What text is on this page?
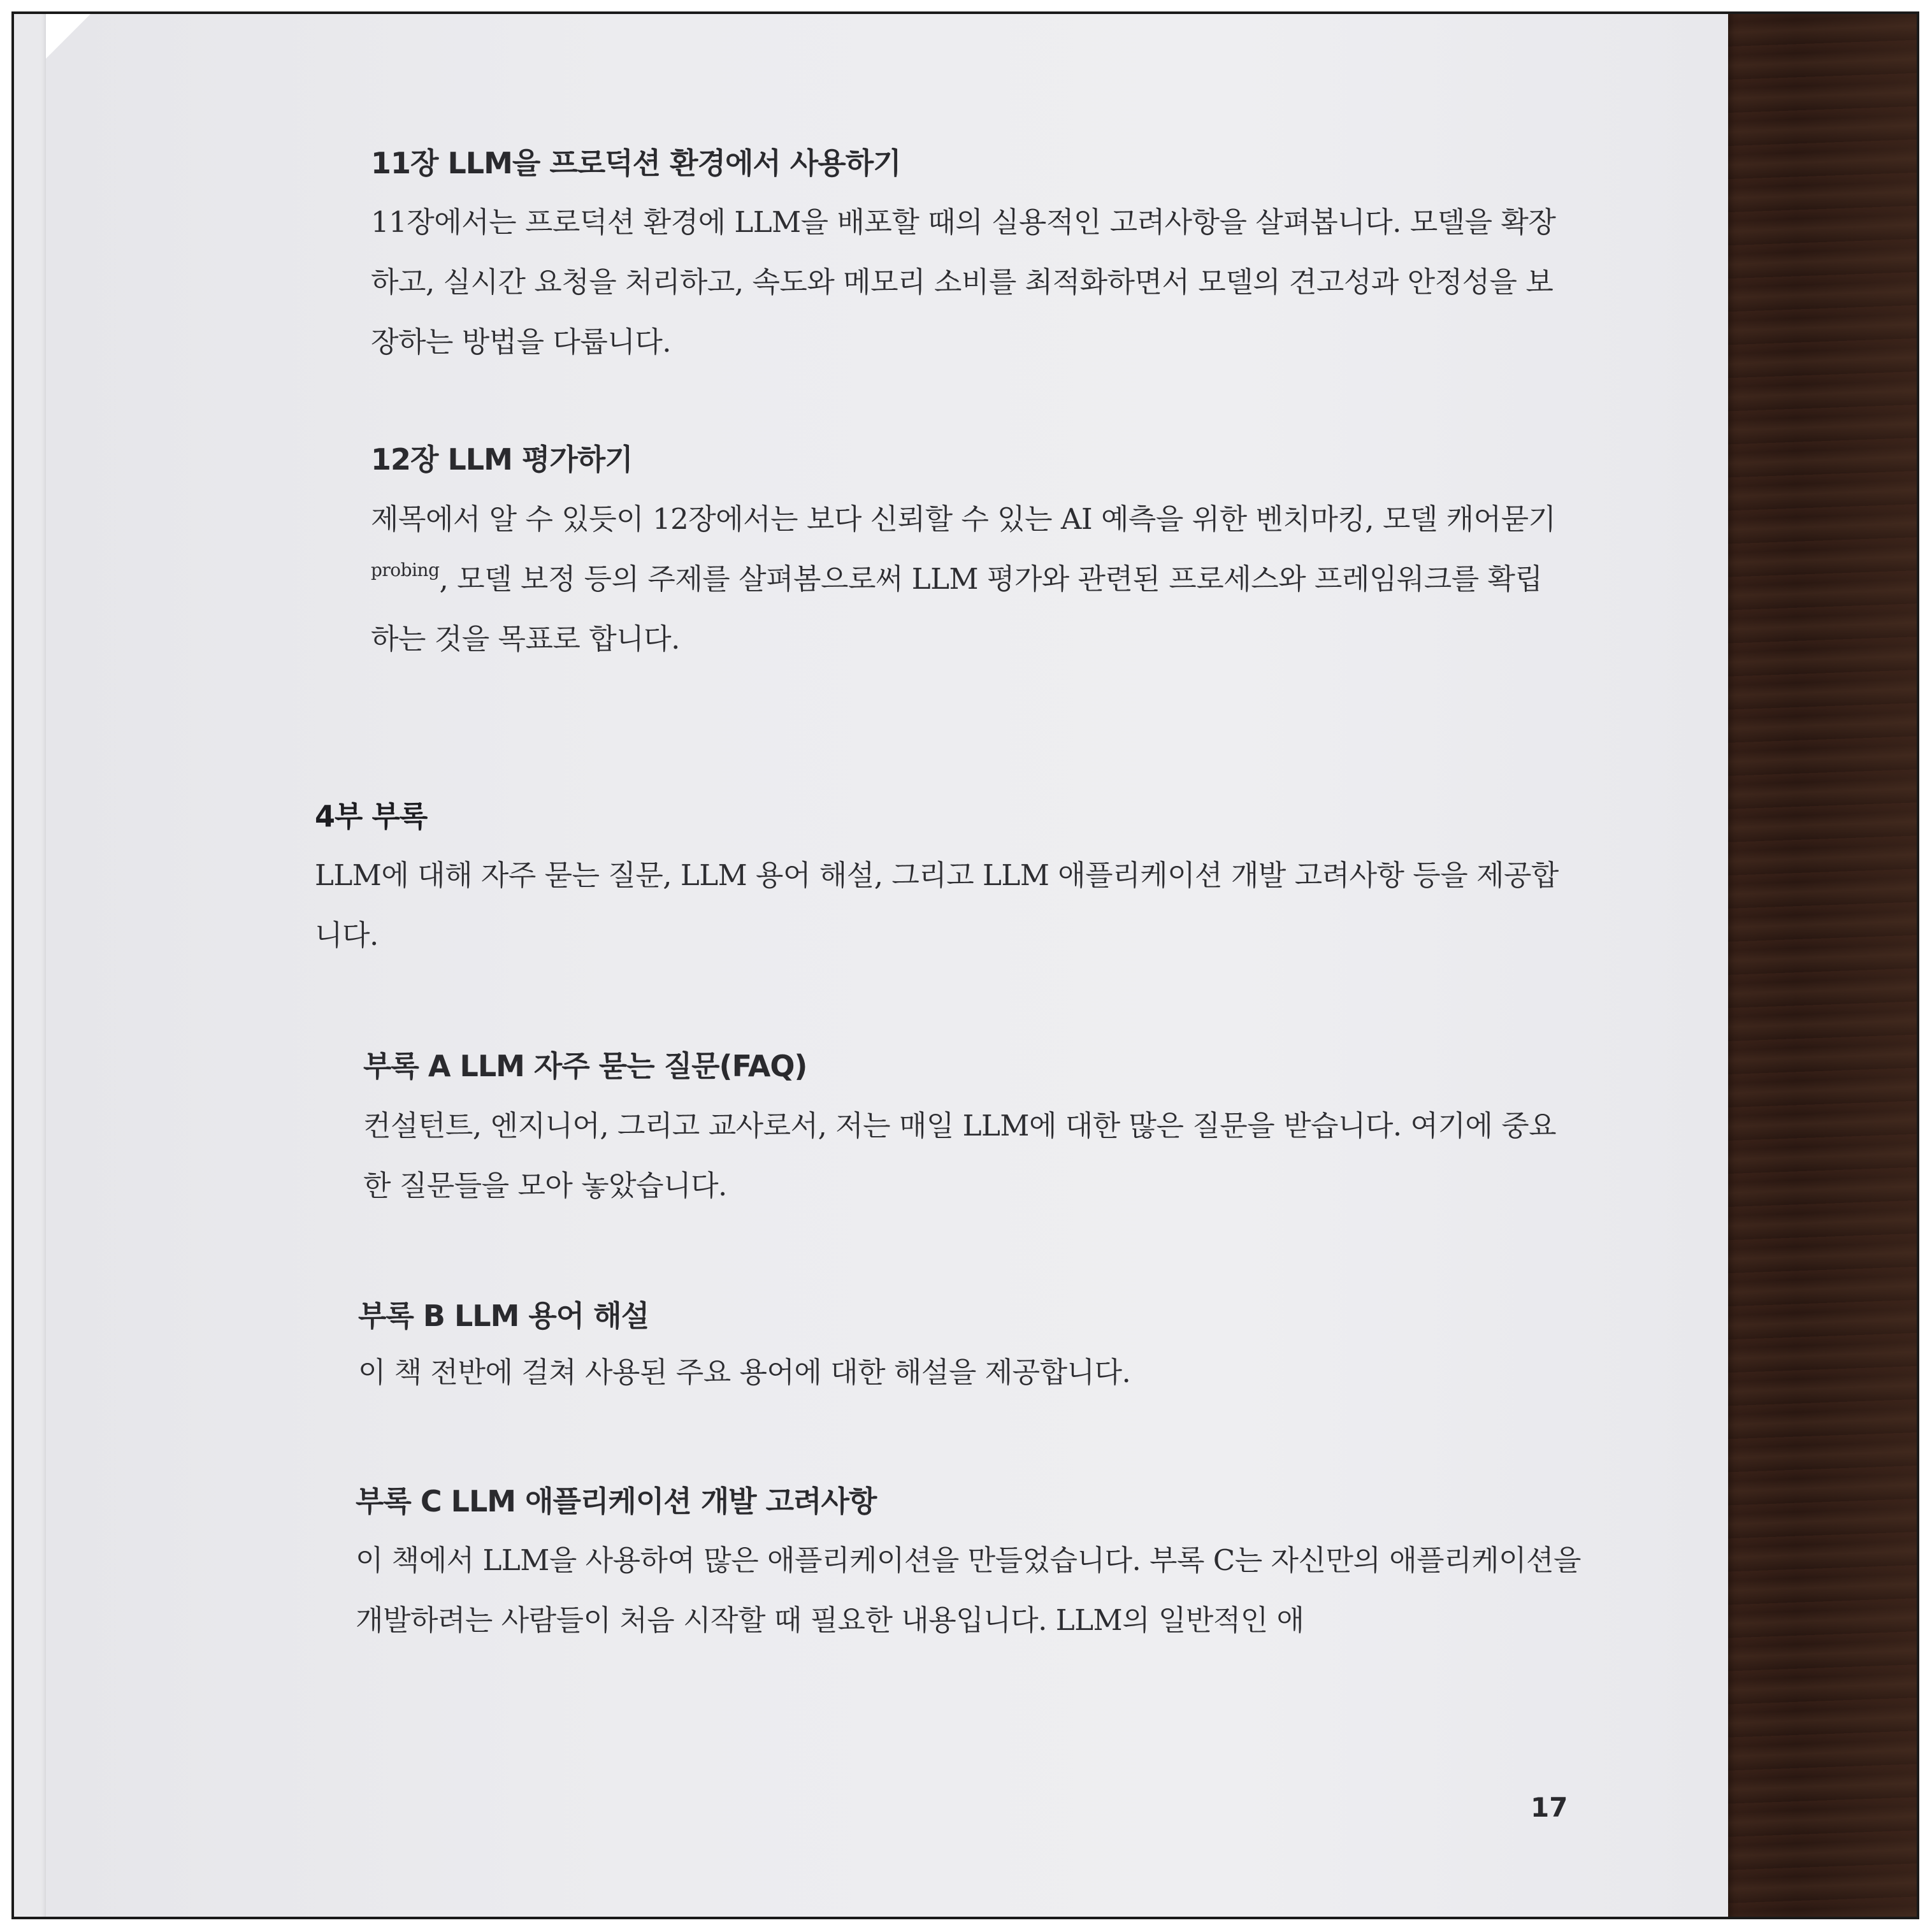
11장 LLM을 프로덕션 환경에서 사용하기
11장에서는 프로덕션 환경에 LLM을 배포할 때의 실용적인 고려사항을 살펴봅니다. 모델을 확장하고, 실시간 요청을 처리하고, 속도와 메모리 소비를 최적화하면서 모델의 견고성과 안정성을 보장하는 방법을 다룹니다.
12장 LLM 평가하기
제목에서 알 수 있듯이 12장에서는 보다 신뢰할 수 있는 AI 예측을 위한 벤치마킹, 모델 캐어묻기$^{probing}$, 모델 보정 등의 주제를 살펴봄으로써 LLM 평가와 관련된 프로세스와 프레임워크를 확립하는 것을 목표로 합니다.
4부 부록
LLM에 대해 자주 묻는 질문, LLM 용어 해설, 그리고 LLM 애플리케이션 개발 고려사항 등을 제공합니다.
부록 A LLM 자주 묻는 질문(FAQ)
컨설턴트, 엔지니어, 그리고 교사로서, 저는 매일 LLM에 대한 많은 질문을 받습니다. 여기에 중요한 질문들을 모아 놓았습니다.
부록 B LLM 용어 해설
이 책 전반에 걸쳐 사용된 주요 용어에 대한 해설을 제공합니다.
부록 C LLM 애플리케이션 개발 고려사항
이 책에서 LLM을 사용하여 많은 애플리케이션을 만들었습니다. 부록 C는 자신만의 애플리케이션을 개발하려는 사람들이 처음 시작할 때 필요한 내용입니다. LLM의 일반적인 애
17
